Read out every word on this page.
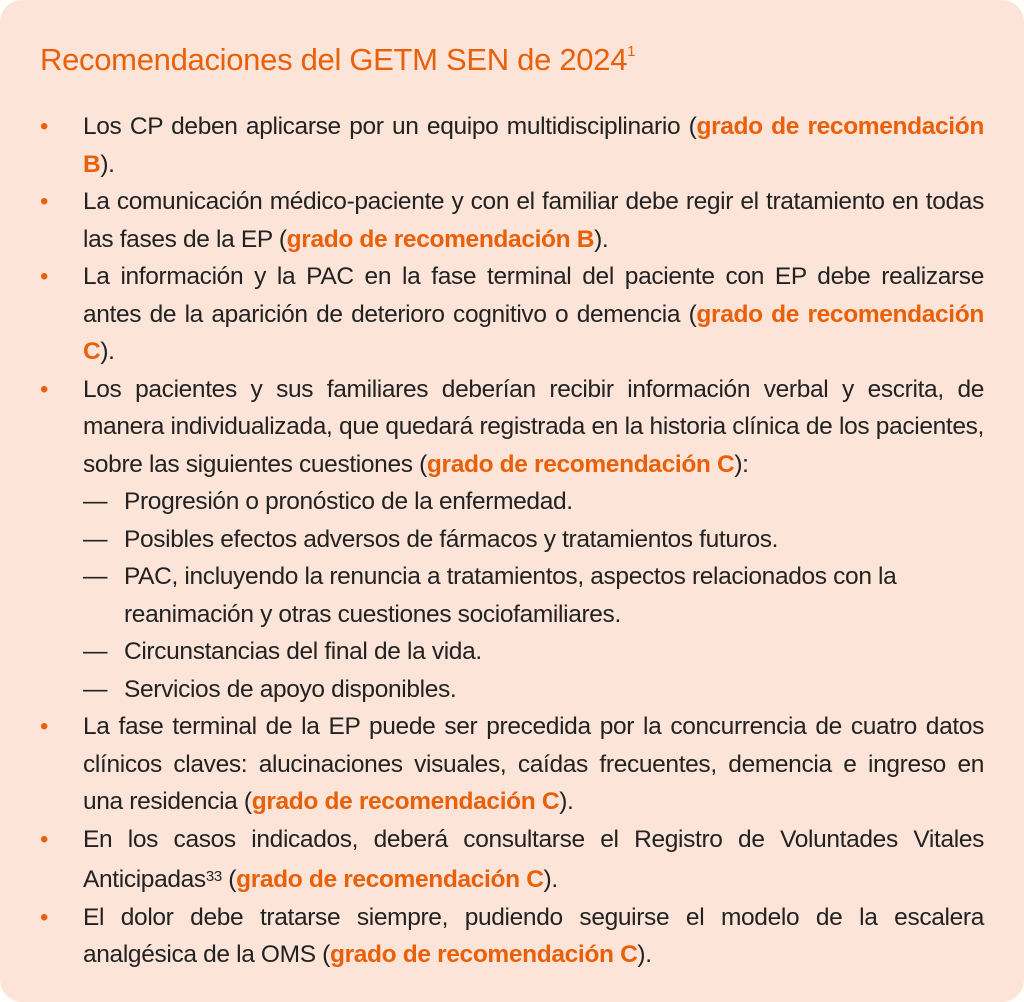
Recomendaciones del GETM SEN de 2024$^1$
• Los CP deben aplicarse por un equipo multidisciplinario (grado de recomendación B).
• La comunicación médico-paciente y con el familiar debe regir el tratamiento en todas las fases de la EP (grado de recomendación B).
• La información y la PAC en la fase terminal del paciente con EP debe realizarse antes de la aparición de deterioro cognitivo o demencia (grado de recomendación C).
• Los pacientes y sus familiares deberían recibir información verbal y escrita, de manera individualizada, que quedará registrada en la historia clínica de los pacientes, sobre las siguientes cuestiones (grado de recomendación C):
— Progresión o pronóstico de la enfermedad.
— Posibles efectos adversos de fármacos y tratamientos futuros.
— PAC, incluyendo la renuncia a tratamientos, aspectos relacionados con la reanimación y otras cuestiones sociofamiliares.
— Circunstancias del final de la vida.
— Servicios de apoyo disponibles.
• La fase terminal de la EP puede ser precedida por la concurrencia de cuatro datos clínicos claves: alucinaciones visuales, caídas frecuentes, demencia e ingreso en una residencia (grado de recomendación C).
• En los casos indicados, deberá consultarse el Registro de Voluntades Vitales Anticipadas$^{33}$ (grado de recomendación C).
• El dolor debe tratarse siempre, pudiendo seguirse el modelo de la escalera analgésica de la OMS (grado de recomendación C).
